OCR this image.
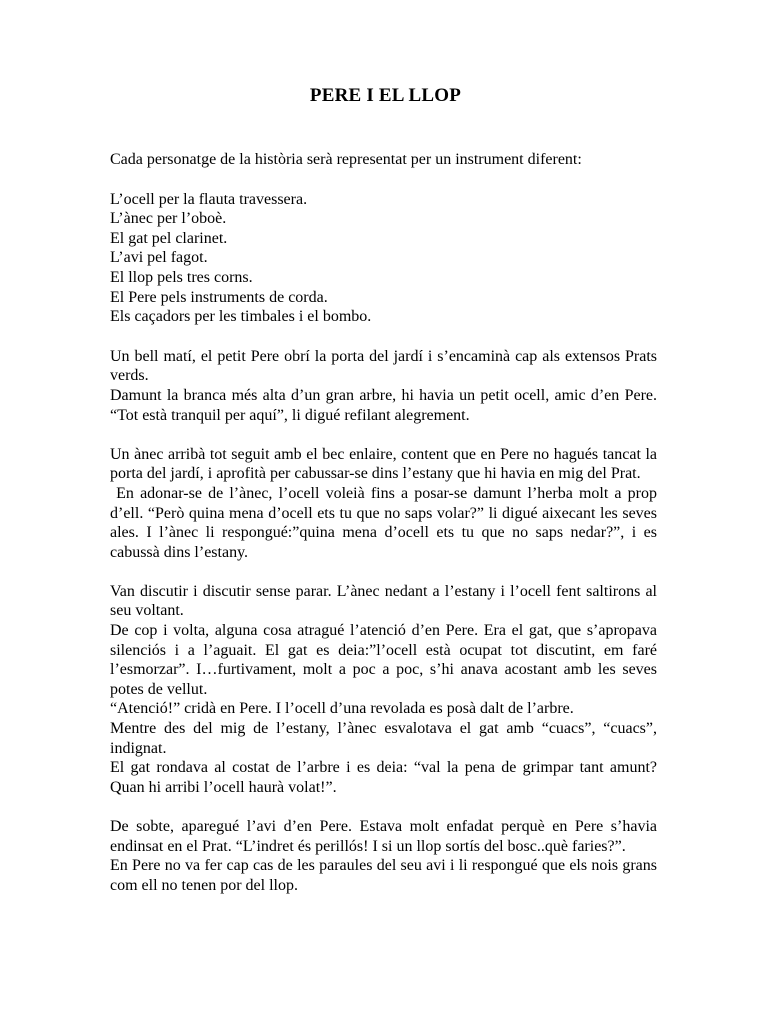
PERE I EL LLOP

Cada personatge de la història serà representat per un instrument diferent:

L’ocell per la flauta travessera.
L’ànec per l’oboè.
El gat pel clarinet.
L’avi pel fagot.
El llop pels tres corns.
El Pere pels instruments de corda.
Els caçadors per les timbales i el bombo.

Un bell matí, el petit Pere obrí la porta del jardí i s’encaminà cap als extensos Prats verds.

Damunt la branca més alta d’un gran arbre, hi havia un petit ocell, amic d’en Pere. “Tot està tranquil per aquí”, li digué refilant alegrement.

Un ànec arribà tot seguit amb el bec enlaire, content que en Pere no hagués tancat la porta del jardí, i aprofità per cabussar-se dins l’estany que hi havia en mig del Prat.

En adonar-se de l’ànec, l’ocell voleià fins a posar-se damunt l’herba molt a prop d’ell. “Però quina mena d’ocell ets tu que no saps volar?” li digué aixecant les seves ales. I l’ànec li respongué:”quina mena d’ocell ets tu que no saps nedar?”, i es cabussà dins l’estany.

Van discutir i discutir sense parar. L’ànec nedant a l’estany i l’ocell fent saltirons al seu voltant.

De cop i volta, alguna cosa atragué l’atenció d’en Pere. Era el gat, que s’apropava silenciós i a l’aguait. El gat es deia:”l’ocell està ocupat tot discutint, em faré l’esmorzar”. I…furtivament, molt a poc a poc, s’hi anava acostant amb les seves potes de vellut.

“Atenció!” cridà en Pere. I l’ocell d’una revolada es posà dalt de l’arbre.

Mentre des del mig de l’estany, l’ànec esvalotava el gat amb “cuacs”, “cuacs”, indignat.

El gat rondava al costat de l’arbre i es deia: “val la pena de grimpar tant amunt? Quan hi arribi l’ocell haurà volat!”.

De sobte, aparegué l’avi d’en Pere. Estava molt enfadat perquè en Pere s’havia endinsat en el Prat. “L’indret és perillós! I si un llop sortís del bosc..què faries?”.

En Pere no va fer cap cas de les paraules del seu avi i li respongué que els nois grans com ell no tenen por del llop.
